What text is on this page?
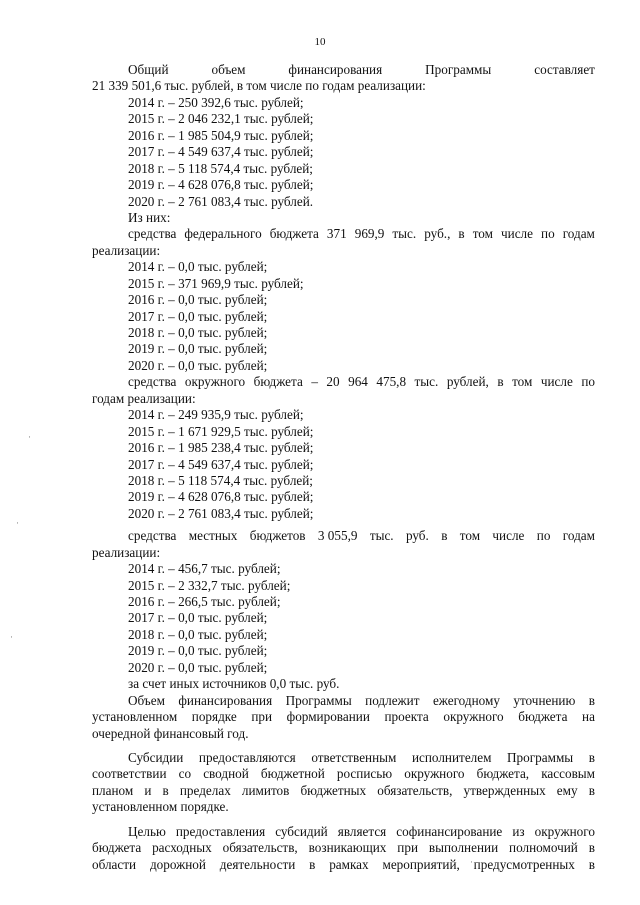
10
Общий	объем	финансирования	Программы	составляет
21 339 501,6 тыс. рублей, в том числе по годам реализации:
2014 г. – 250 392,6 тыс. рублей;
2015 г. – 2 046 232,1 тыс. рублей;
2016 г. – 1 985 504,9 тыс. рублей;
2017 г. – 4 549 637,4 тыс. рублей;
2018 г. – 5 118 574,4 тыс. рублей;
2019 г. – 4 628 076,8 тыс. рублей;
2020 г. – 2 761 083,4 тыс. рублей.
Из них:
средства федерального бюджета 371 969,9 тыс. руб., в том числе по годам
реализации:
2014 г. – 0,0 тыс. рублей;
2015 г. – 371 969,9 тыс. рублей;
2016 г. – 0,0 тыс. рублей;
2017 г. – 0,0 тыс. рублей;
2018 г. – 0,0 тыс. рублей;
2019 г. – 0,0 тыс. рублей;
2020 г. – 0,0 тыс. рублей;
средства окружного бюджета – 20 964 475,8 тыс. рублей, в том числе по
годам реализации:
2014 г. – 249 935,9 тыс. рублей;
2015 г. – 1 671 929,5 тыс. рублей;
2016 г. – 1 985 238,4 тыс. рублей;
2017 г. – 4 549 637,4 тыс. рублей;
2018 г. – 5 118 574,4 тыс. рублей;
2019 г. – 4 628 076,8 тыс. рублей;
2020 г. – 2 761 083,4 тыс. рублей;
средства местных бюджетов 3 055,9 тыс. руб. в том числе по годам
реализации:
2014 г. – 456,7 тыс. рублей;
2015 г. – 2 332,7 тыс. рублей;
2016 г. – 266,5 тыс. рублей;
2017 г. – 0,0 тыс. рублей;
2018 г. – 0,0 тыс. рублей;
2019 г. – 0,0 тыс. рублей;
2020 г. – 0,0 тыс. рублей;
за счет иных источников 0,0 тыс. руб.
Объем финансирования Программы подлежит ежегодному уточнению в
установленном порядке при формировании проекта окружного бюджета на
очередной финансовый год.
Субсидии предоставляются ответственным исполнителем Программы в
соответствии со сводной бюджетной росписью окружного бюджета, кассовым
планом и в пределах лимитов бюджетных обязательств, утвержденных ему в
установленном порядке.
Целью предоставления субсидий является софинансирование из окружного
бюджета расходных обязательств, возникающих при выполнении полномочий в
области дорожной деятельности в рамках мероприятий, предусмотренных в
·
·
·
·
